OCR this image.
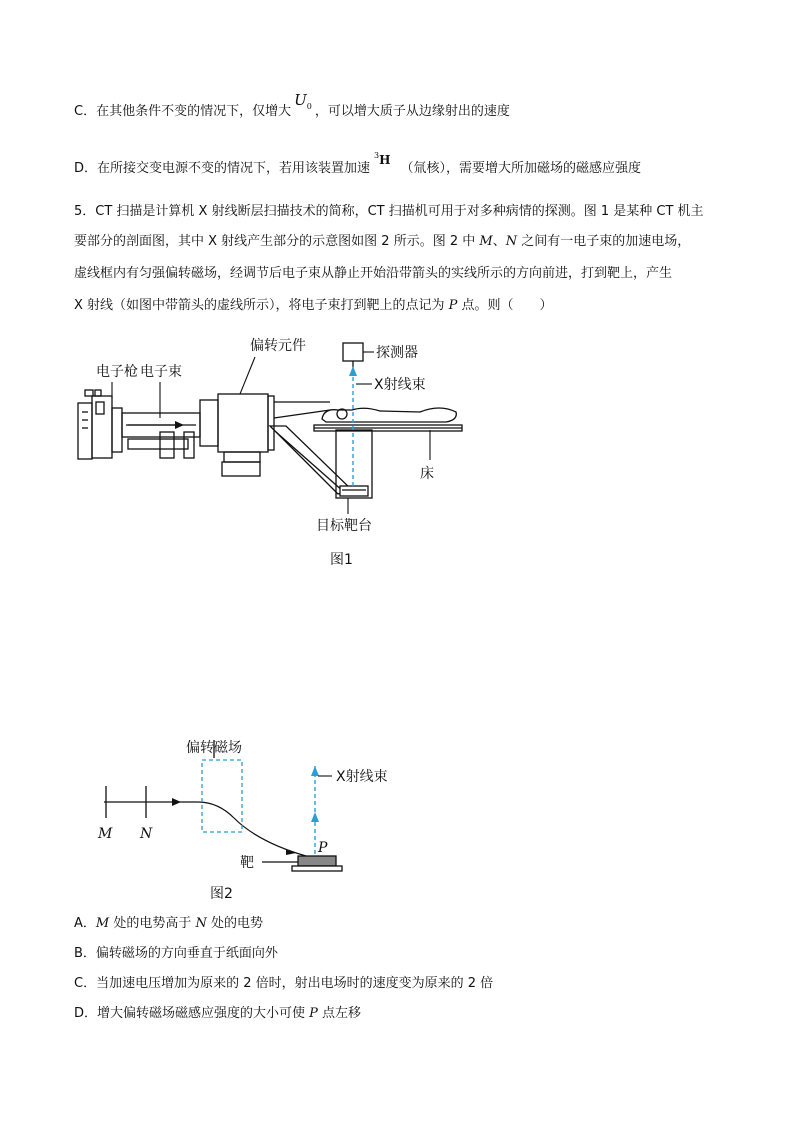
C．在其他条件不变的情况下，仅增大$U_0$ ，可以增大质子从边缘射出的速度
D．在所接交变电源不变的情况下，若用该装置加速$^3$H（氚核），需要增大所加磁场的磁感应强度
5．CT 扫描是计算机 X 射线断层扫描技术的简称，CT 扫描机可用于对多种病情的探测。图 1 是某种 CT 机主
要部分的剖面图，其中 X 射线产生部分的示意图如图 2 所示。图 2 中 M、N 之间有一电子束的加速电场，
虚线框内有匀强偏转磁场，经调节后电子束从静止开始沿带箭头的实线所示的方向前进，打到靶上，产生
X 射线（如图中带箭头的虚线所示），将电子束打到靶上的点记为 P 点。则（　　）
电子枪 电子束
偏转元件	探测器
X射线束
床
目标靶台
图1
偏转磁场
X射线束
靶
图2
M N
P
A．M 处的电势高于 N 处的电势
B．偏转磁场的方向垂直于纸面向外
C．当加速电压增加为原来的 2 倍时，射出电场时的速度变为原来的 2 倍
D．增大偏转磁场磁感应强度的大小可使 P 点左移
